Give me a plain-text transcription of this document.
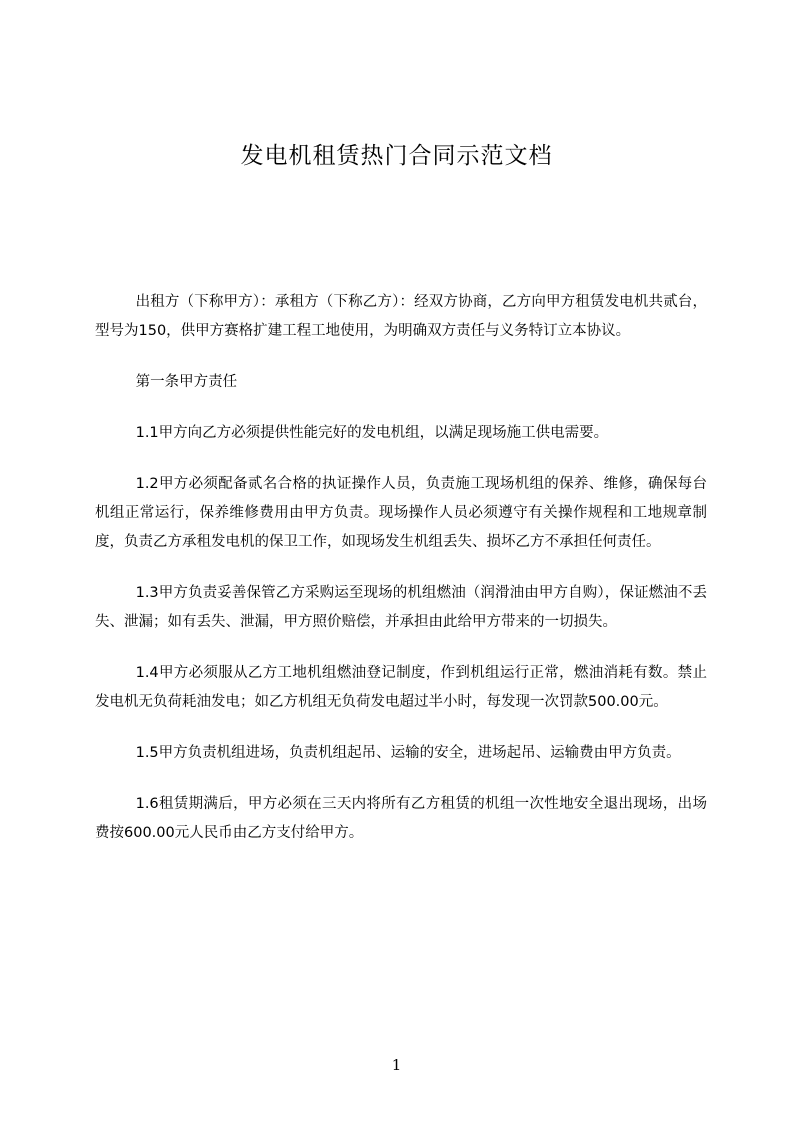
发电机租赁热门合同示范文档

出租方（下称甲方）：承租方（下称乙方）：经双方协商，乙方向甲方租赁发电机共贰台，型号为150，供甲方赛格扩建工程工地使用，为明确双方责任与义务特订立本协议。

第一条甲方责任

1.1甲方向乙方必须提供性能完好的发电机组，以满足现场施工供电需要。

1.2甲方必须配备贰名合格的执证操作人员，负责施工现场机组的保养、维修，确保每台机组正常运行，保养维修费用由甲方负责。现场操作人员必须遵守有关操作规程和工地规章制度，负责乙方承租发电机的保卫工作，如现场发生机组丢失、损坏乙方不承担任何责任。

1.3甲方负责妥善保管乙方采购运至现场的机组燃油（润滑油由甲方自购），保证燃油不丢失、泄漏；如有丢失、泄漏，甲方照价赔偿，并承担由此给甲方带来的一切损失。

1.4甲方必须服从乙方工地机组燃油登记制度，作到机组运行正常，燃油消耗有数。禁止发电机无负荷耗油发电；如乙方机组无负荷发电超过半小时，每发现一次罚款500.00元。

1.5甲方负责机组进场，负责机组起吊、运输的安全，进场起吊、运输费由甲方负责。

1.6租赁期满后，甲方必须在三天内将所有乙方租赁的机组一次性地安全退出现场，出场费按600.00元人民币由乙方支付给甲方。

1
